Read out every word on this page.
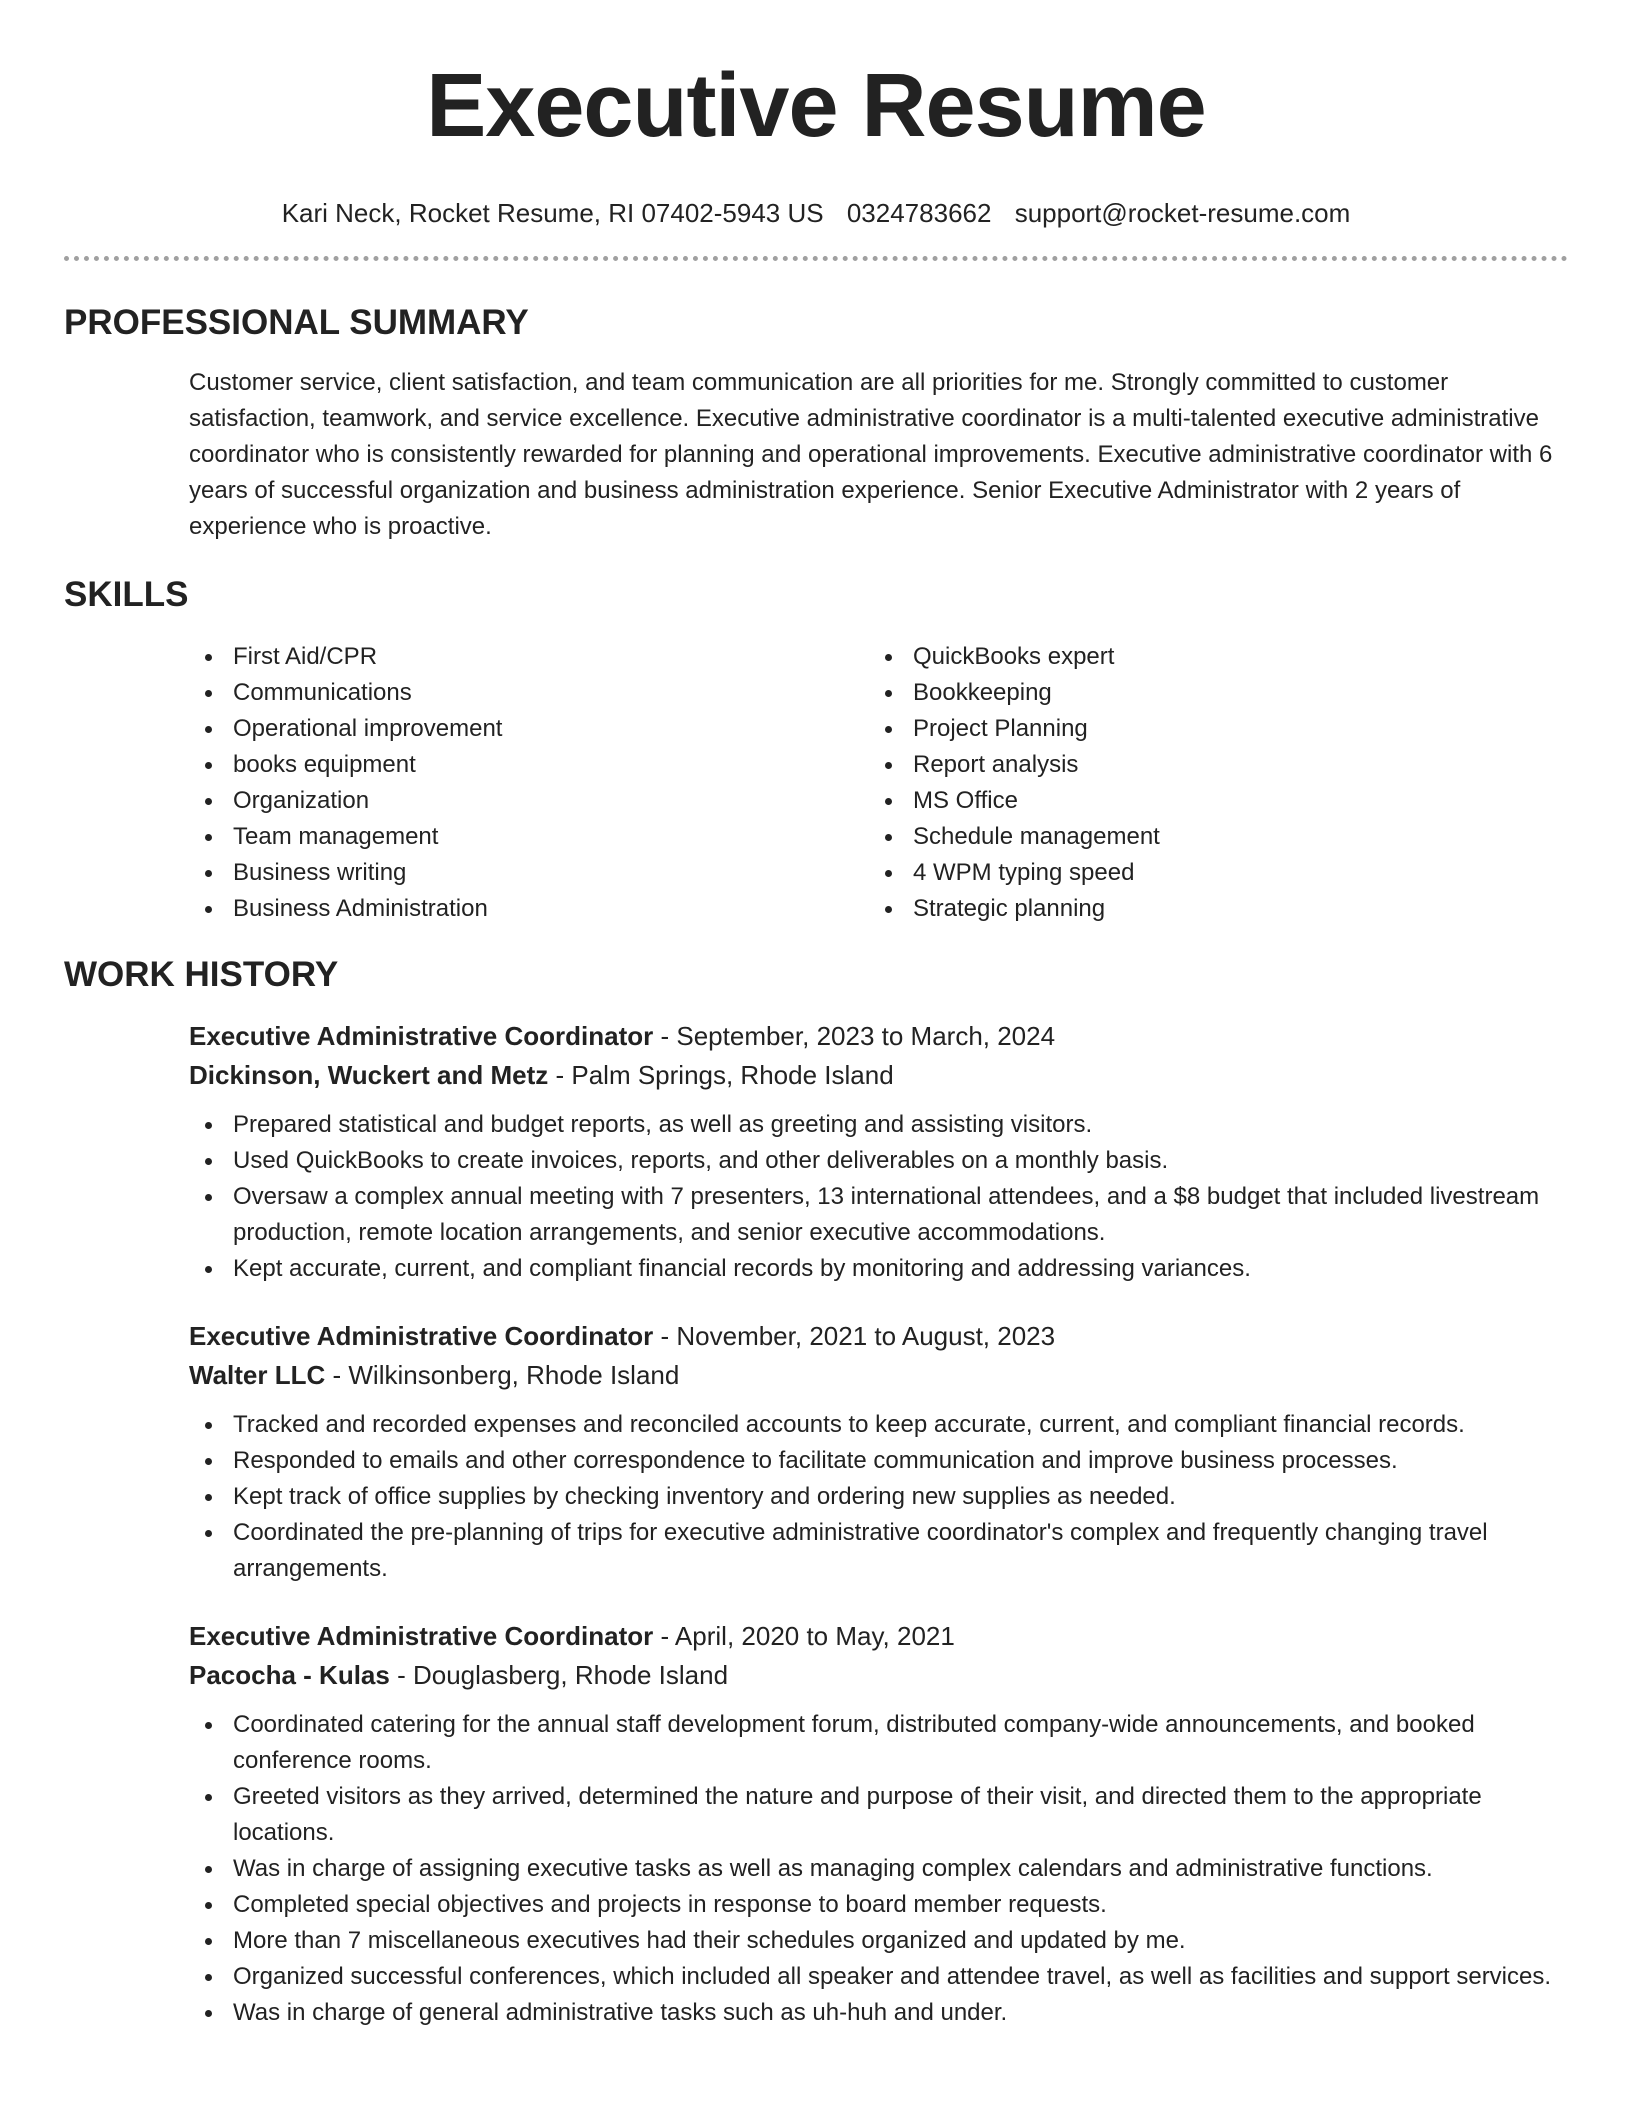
Executive Resume
Kari Neck, Rocket Resume, RI 07402-5943 US 0324783662 support@rocket-resume.com
PROFESSIONAL SUMMARY

Customer service, client satisfaction, and team communication are all priorities for me. Strongly committed to customer satisfaction, teamwork, and service excellence. Executive administrative coordinator is a multi-talented executive administrative coordinator who is consistently rewarded for planning and operational improvements. Executive administrative coordinator with 6 years of successful organization and business administration experience. Senior Executive Administrator with 2 years of experience who is proactive.

SKILLS
First Aid/CPR
Communications
Operational improvement
books equipment
Organization
Team management
Business writing
Business Administration
QuickBooks expert
Bookkeeping
Project Planning
Report analysis
MS Office
Schedule management
4 WPM typing speed
Strategic planning
WORK HISTORY
Executive Administrative Coordinator - September, 2023 to March, 2024
Dickinson, Wuckert and Metz - Palm Springs, Rhode Island
Prepared statistical and budget reports, as well as greeting and assisting visitors.
Used QuickBooks to create invoices, reports, and other deliverables on a monthly basis.
Oversaw a complex annual meeting with 7 presenters, 13 international attendees, and a $8 budget that included livestream production, remote location arrangements, and senior executive accommodations.
Kept accurate, current, and compliant financial records by monitoring and addressing variances.
Executive Administrative Coordinator - November, 2021 to August, 2023
Walter LLC - Wilkinsonberg, Rhode Island
Tracked and recorded expenses and reconciled accounts to keep accurate, current, and compliant financial records.
Responded to emails and other correspondence to facilitate communication and improve business processes.
Kept track of office supplies by checking inventory and ordering new supplies as needed.
Coordinated the pre-planning of trips for executive administrative coordinator's complex and frequently changing travel arrangements.
Executive Administrative Coordinator - April, 2020 to May, 2021
Pacocha - Kulas - Douglasberg, Rhode Island
Coordinated catering for the annual staff development forum, distributed company-wide announcements, and booked conference rooms.
Greeted visitors as they arrived, determined the nature and purpose of their visit, and directed them to the appropriate locations.
Was in charge of assigning executive tasks as well as managing complex calendars and administrative functions.
Completed special objectives and projects in response to board member requests.
More than 7 miscellaneous executives had their schedules organized and updated by me.
Organized successful conferences, which included all speaker and attendee travel, as well as facilities and support services.
Was in charge of general administrative tasks such as uh-huh and under.
